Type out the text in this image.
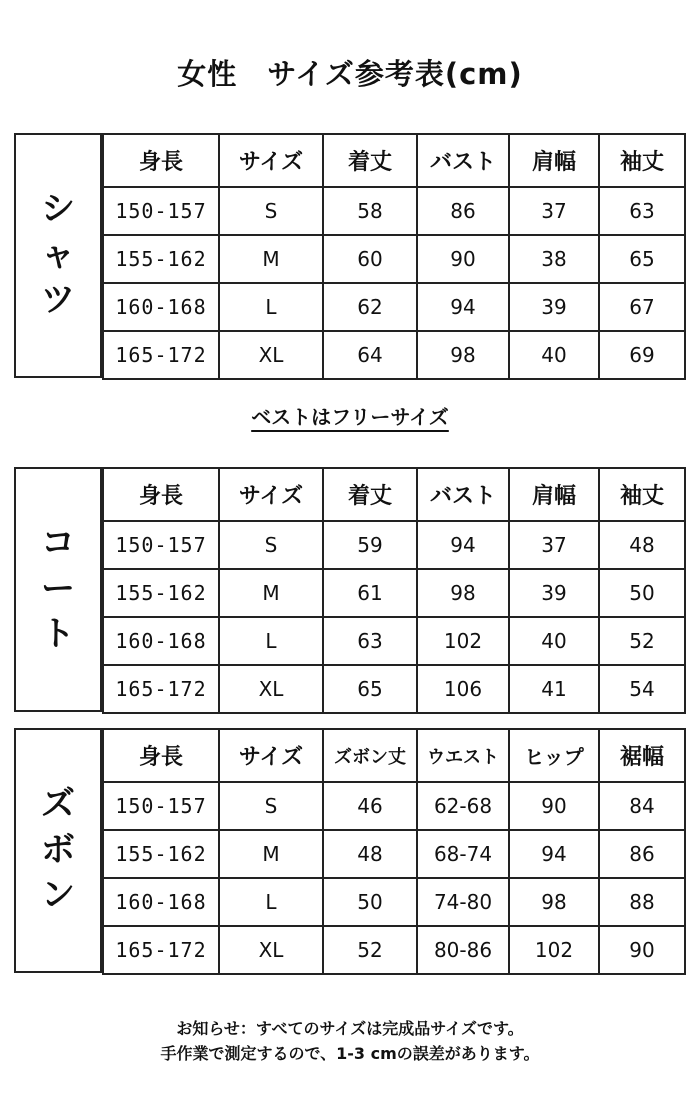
女性　サイズ参考表(cm)
シ
ャ
ツ
身長	サイズ	着丈	バスト	肩幅	袖丈
150-157	S	58	86	37	63
155-162	M	60	90	38	65
160-168	L	62	94	39	67
165-172	XL	64	98	40	69
ベストはフリーサイズ
コ
ー
ト
身長	サイズ	着丈	バスト	肩幅	袖丈
150-157	S	59	94	37	48
155-162	M	61	98	39	50
160-168	L	63	102	40	52
165-172	XL	65	106	41	54
ズ
ボ
ン
身長	サイズ	ズボン丈	ウエスト	ヒップ	裾幅
150-157	S	46	62-68	90	84
155-162	M	48	68-74	94	86
160-168	L	50	74-80	98	88
165-172	XL	52	80-86	102	90
お知らせ：すべてのサイズは完成品サイズです。
手作業で測定するので、1-3 cmの誤差があります。
